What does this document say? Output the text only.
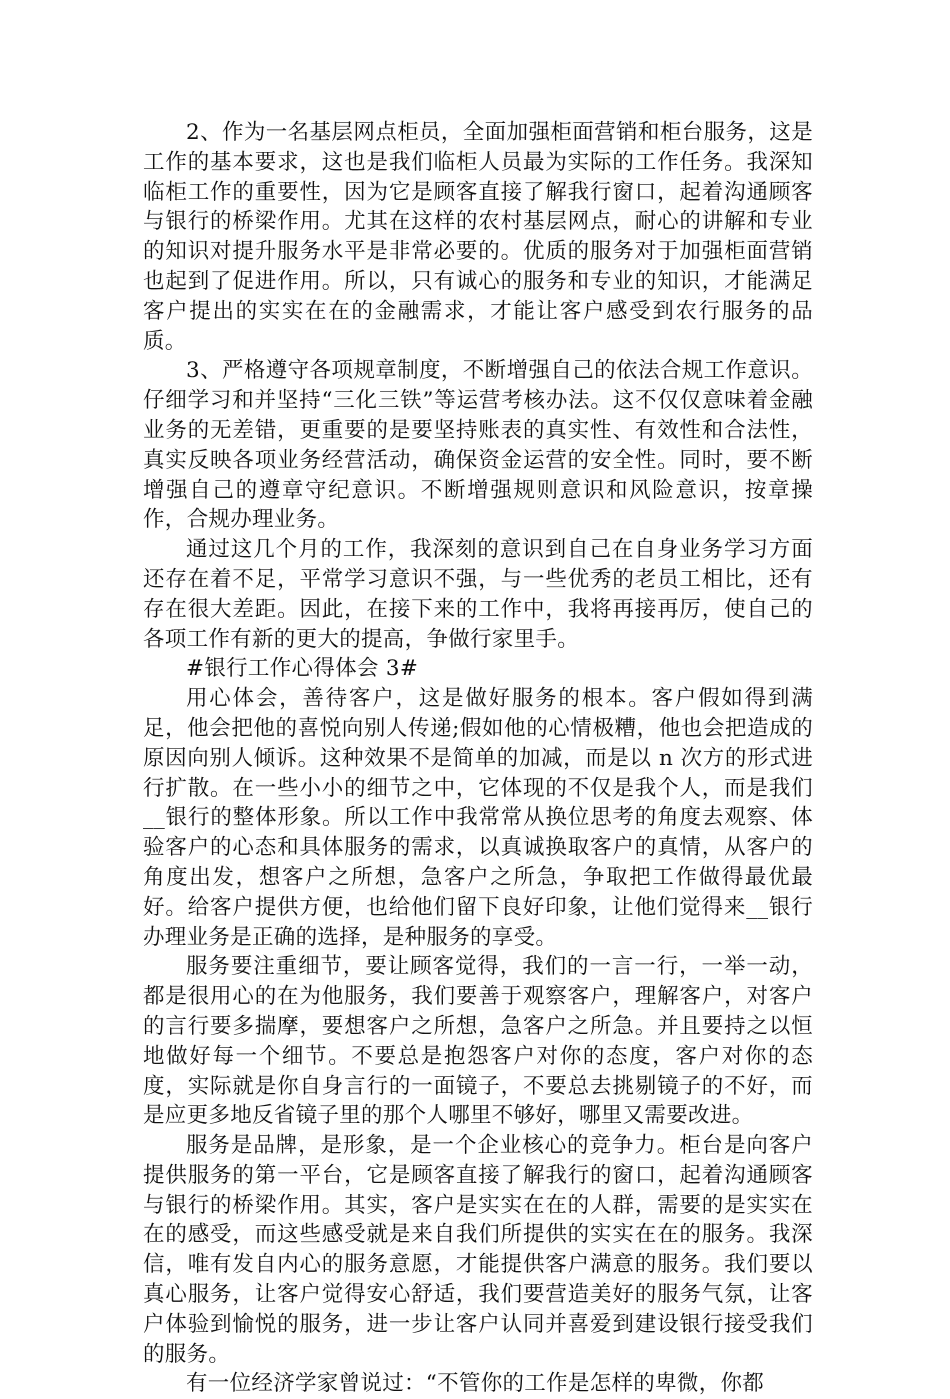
2、作为一名基层网点柜员，全面加强柜面营销和柜台服务，这是工作的基本要求，这也是我们临柜人员最为实际的工作任务。我深知临柜工作的重要性，因为它是顾客直接了解我行窗口，起着沟通顾客与银行的桥梁作用。尤其在这样的农村基层网点，耐心的讲解和专业的知识对提升服务水平是非常必要的。优质的服务对于加强柜面营销也起到了促进作用。所以，只有诚心的服务和专业的知识，才能满足客户提出的实实在在的金融需求，才能让客户感受到农行服务的品质。

3、严格遵守各项规章制度，不断增强自己的依法合规工作意识。仔细学习和并坚持“三化三铁”等运营考核办法。这不仅仅意味着金融业务的无差错，更重要的是要坚持账表的真实性、有效性和合法性，真实反映各项业务经营活动，确保资金运营的安全性。同时，要不断增强自己的遵章守纪意识。不断增强规则意识和风险意识，按章操作，合规办理业务。

通过这几个月的工作，我深刻的意识到自己在自身业务学习方面还存在着不足，平常学习意识不强，与一些优秀的老员工相比，还有存在很大差距。因此，在接下来的工作中，我将再接再厉，使自己的各项工作有新的更大的提高，争做行家里手。

#银行工作心得体会 3#

用心体会，善待客户，这是做好服务的根本。客户假如得到满足，他会把他的喜悦向别人传递;假如他的心情极糟，他也会把造成的原因向别人倾诉。这种效果不是简单的加减，而是以 n 次方的形式进行扩散。在一些小小的细节之中，它体现的不仅是我个人，而是我们__银行的整体形象。所以工作中我常常从换位思考的角度去观察、体验客户的心态和具体服务的需求，以真诚换取客户的真情，从客户的角度出发，想客户之所想，急客户之所急，争取把工作做得最优最好。给客户提供方便，也给他们留下良好印象，让他们觉得来__银行办理业务是正确的选择，是种服务的享受。

服务要注重细节，要让顾客觉得，我们的一言一行，一举一动，都是很用心的在为他服务，我们要善于观察客户，理解客户，对客户的言行要多揣摩，要想客户之所想，急客户之所急。并且要持之以恒地做好每一个细节。不要总是抱怨客户对你的态度，客户对你的态度，实际就是你自身言行的一面镜子，不要总去挑剔镜子的不好，而是应更多地反省镜子里的那个人哪里不够好，哪里又需要改进。

服务是品牌，是形象，是一个企业核心的竞争力。柜台是向客户提供服务的第一平台，它是顾客直接了解我行的窗口，起着沟通顾客与银行的桥梁作用。其实，客户是实实在在的人群，需要的是实实在在的感受，而这些感受就是来自我们所提供的实实在在的服务。我深信，唯有发自内心的服务意愿，才能提供客户满意的服务。我们要以真心服务，让客户觉得安心舒适，我们要营造美好的服务气氛，让客户体验到愉悦的服务，进一步让客户认同并喜爱到建设银行接受我们的服务。

有一位经济学家曾说过：“不管你的工作是怎样的卑微，你都
